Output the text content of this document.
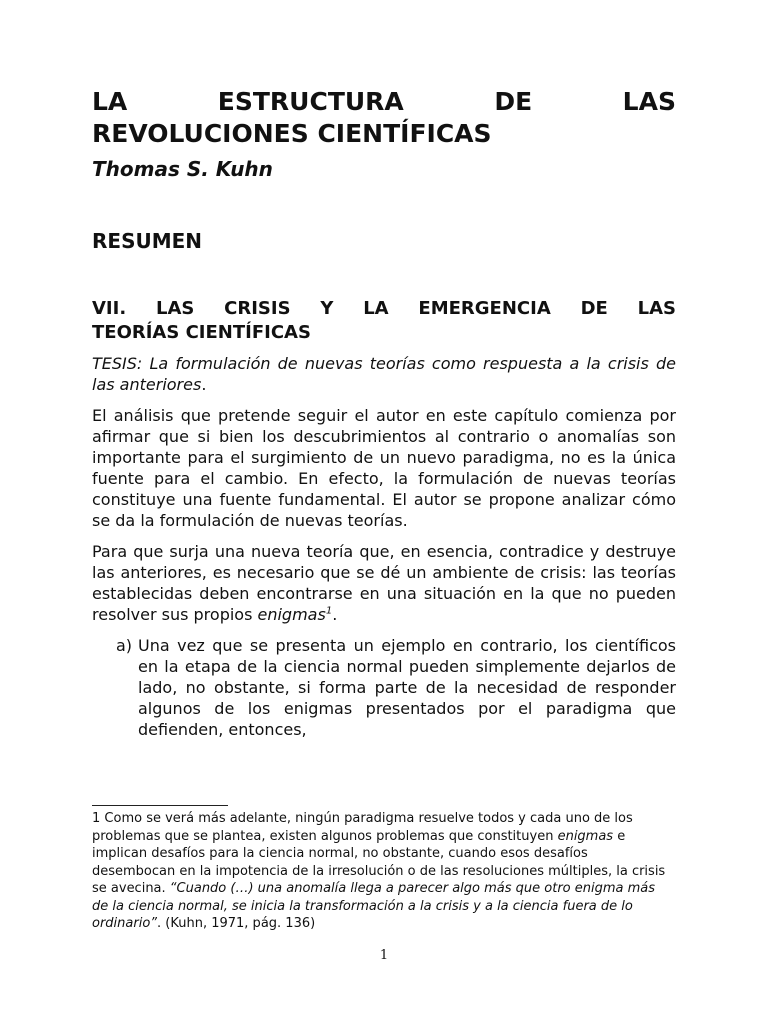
LA	ESTRUCTURA	DE	LAS
REVOLUCIONES CIENTÍFICAS
Thomas S. Kuhn
RESUMEN
VII. LAS CRISIS Y LA EMERGENCIA DE LAS
TEORÍAS CIENTÍFICAS

TESIS: La formulación de nuevas teorías como respuesta a la crisis de las anteriores.

El análisis que pretende seguir el autor en este capítulo comienza por afirmar que si bien los descubrimientos al contrario o anomalías son importante para el surgimiento de un nuevo paradigma, no es la única fuente para el cambio. En efecto, la formulación de nuevas teorías constituye una fuente fundamental. El autor se propone analizar cómo se da la formulación de nuevas teorías.

Para que surja una nueva teoría que, en esencia, contradice y destruye las anteriores, es necesario que se dé un ambiente de crisis: las teorías establecidas deben encontrarse en una situación en la que no pueden resolver sus propios enigmas$^1$.

a) Una vez que se presenta un ejemplo en contrario, los científicos en la etapa de la ciencia normal pueden simplemente dejarlos de lado, no obstante, si forma parte de la necesidad de responder algunos de los enigmas presentados por el paradigma que defienden, entonces,
1 Como se verá más adelante, ningún paradigma resuelve todos y cada uno de los problemas que se plantea, existen algunos problemas que constituyen enigmas e implican desafíos para la ciencia normal, no obstante, cuando esos desafíos desembocan en la impotencia de la irresolución o de las resoluciones múltiples, la crisis se avecina. “Cuando (…) una anomalía llega a parecer algo más que otro enigma más de la ciencia normal, se inicia la transformación a la crisis y a la ciencia fuera de lo ordinario”. (Kuhn, 1971, pág. 136)
1
